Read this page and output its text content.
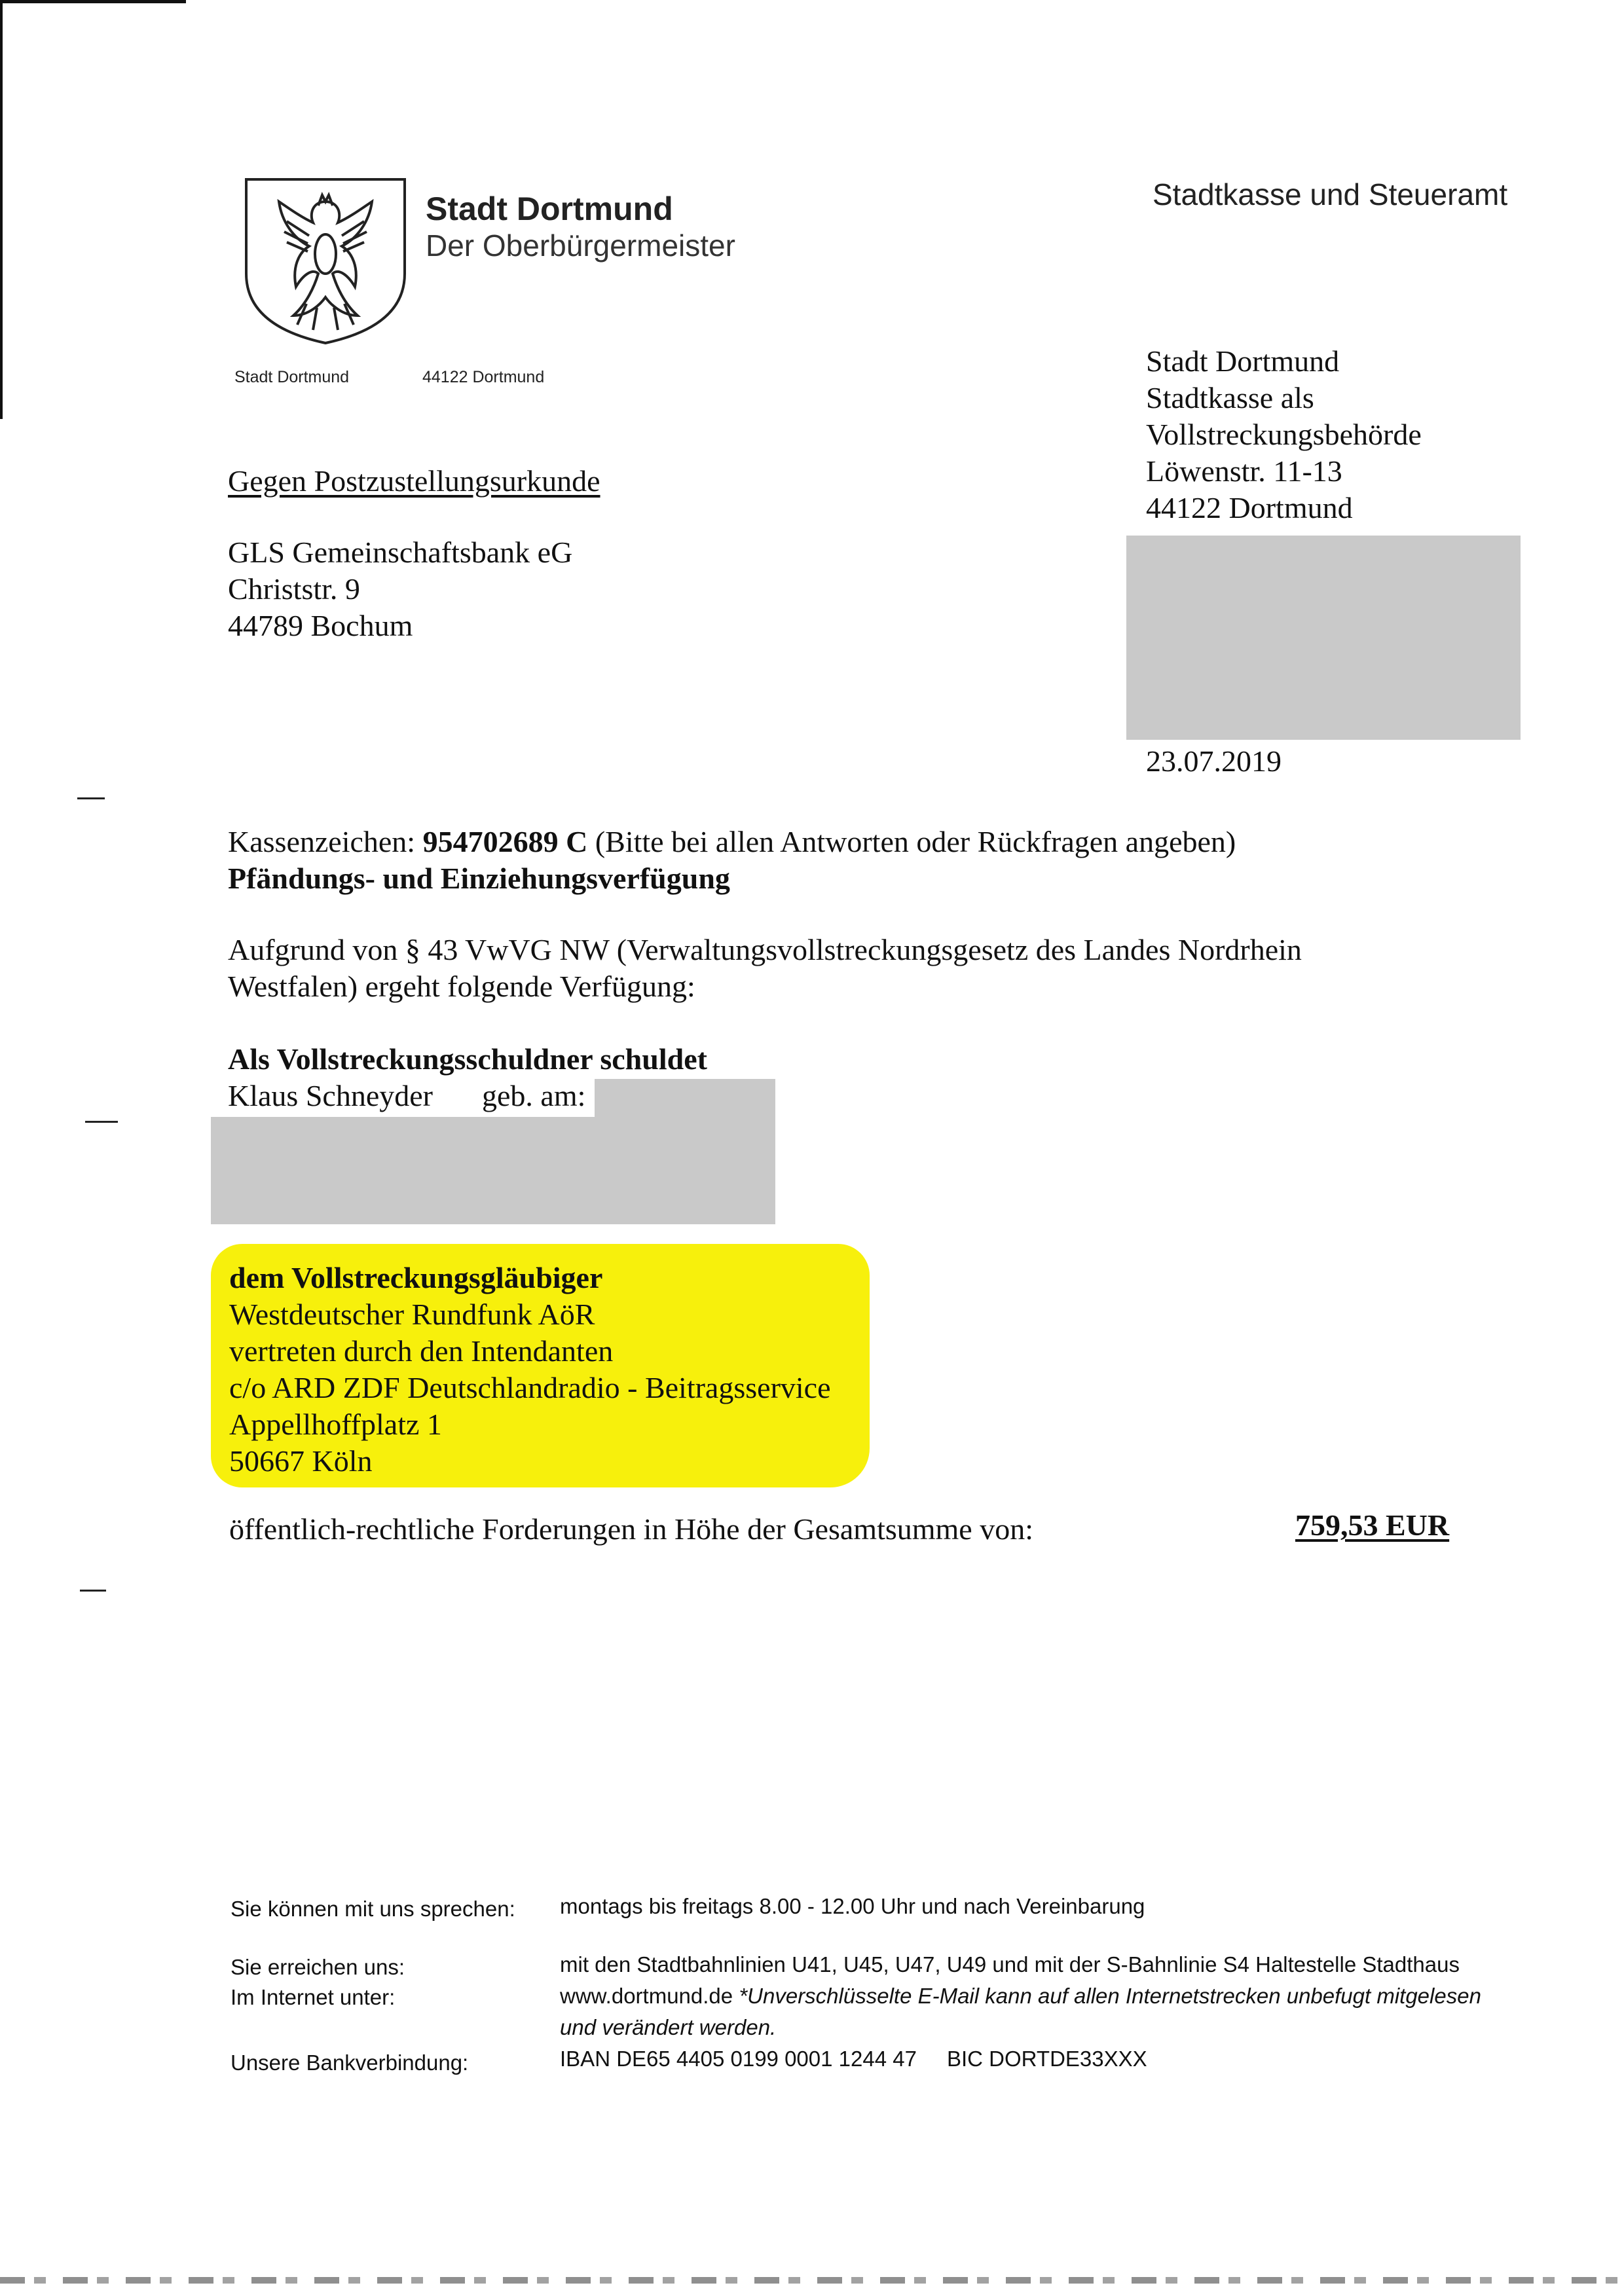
Stadt Dortmund
Der Oberbürgermeister
Stadt Dortmund	44122 Dortmund
Stadtkasse und Steueramt
Stadt Dortmund
Stadtkasse als
Vollstreckungsbehörde
Löwenstr. 11-13
44122 Dortmund
23.07.2019
Gegen Postzustellungsurkunde
GLS Gemeinschaftsbank eG
Christstr. 9
44789 Bochum
Kassenzeichen: 954702689 C (Bitte bei allen Antworten oder Rückfragen angeben)
Pfändungs- und Einziehungsverfügung
Aufgrund von § 43 VwVG NW (Verwaltungsvollstreckungsgesetz des Landes Nordrhein
Westfalen) ergeht folgende Verfügung:
Als Vollstreckungsschuldner schuldet
Klaus Schneyder geb. am:
dem Vollstreckungsgläubiger
Westdeutscher Rundfunk AöR
vertreten durch den Intendanten
c/o ARD ZDF Deutschlandradio - Beitragsservice
Appellhoffplatz 1
50667 Köln
öffentlich-rechtliche Forderungen in Höhe der Gesamtsumme von:	759,53 EUR
Sie können mit uns sprechen: montags bis freitags 8.00 - 12.00 Uhr und nach Vereinbarung
Sie erreichen uns:	mit den Stadtbahnlinien U41, U45, U47, U49 und mit der S-Bahnlinie S4 Haltestelle Stadthaus
Im Internet unter:	www.dortmund.de *Unverschlüsselte E-Mail kann auf allen Internetstrecken unbefugt mitgelesen
und verändert werden.
Unsere Bankverbindung:	IBAN DE65 4405 0199 0001 1244 47 BIC DORTDE33XXX
